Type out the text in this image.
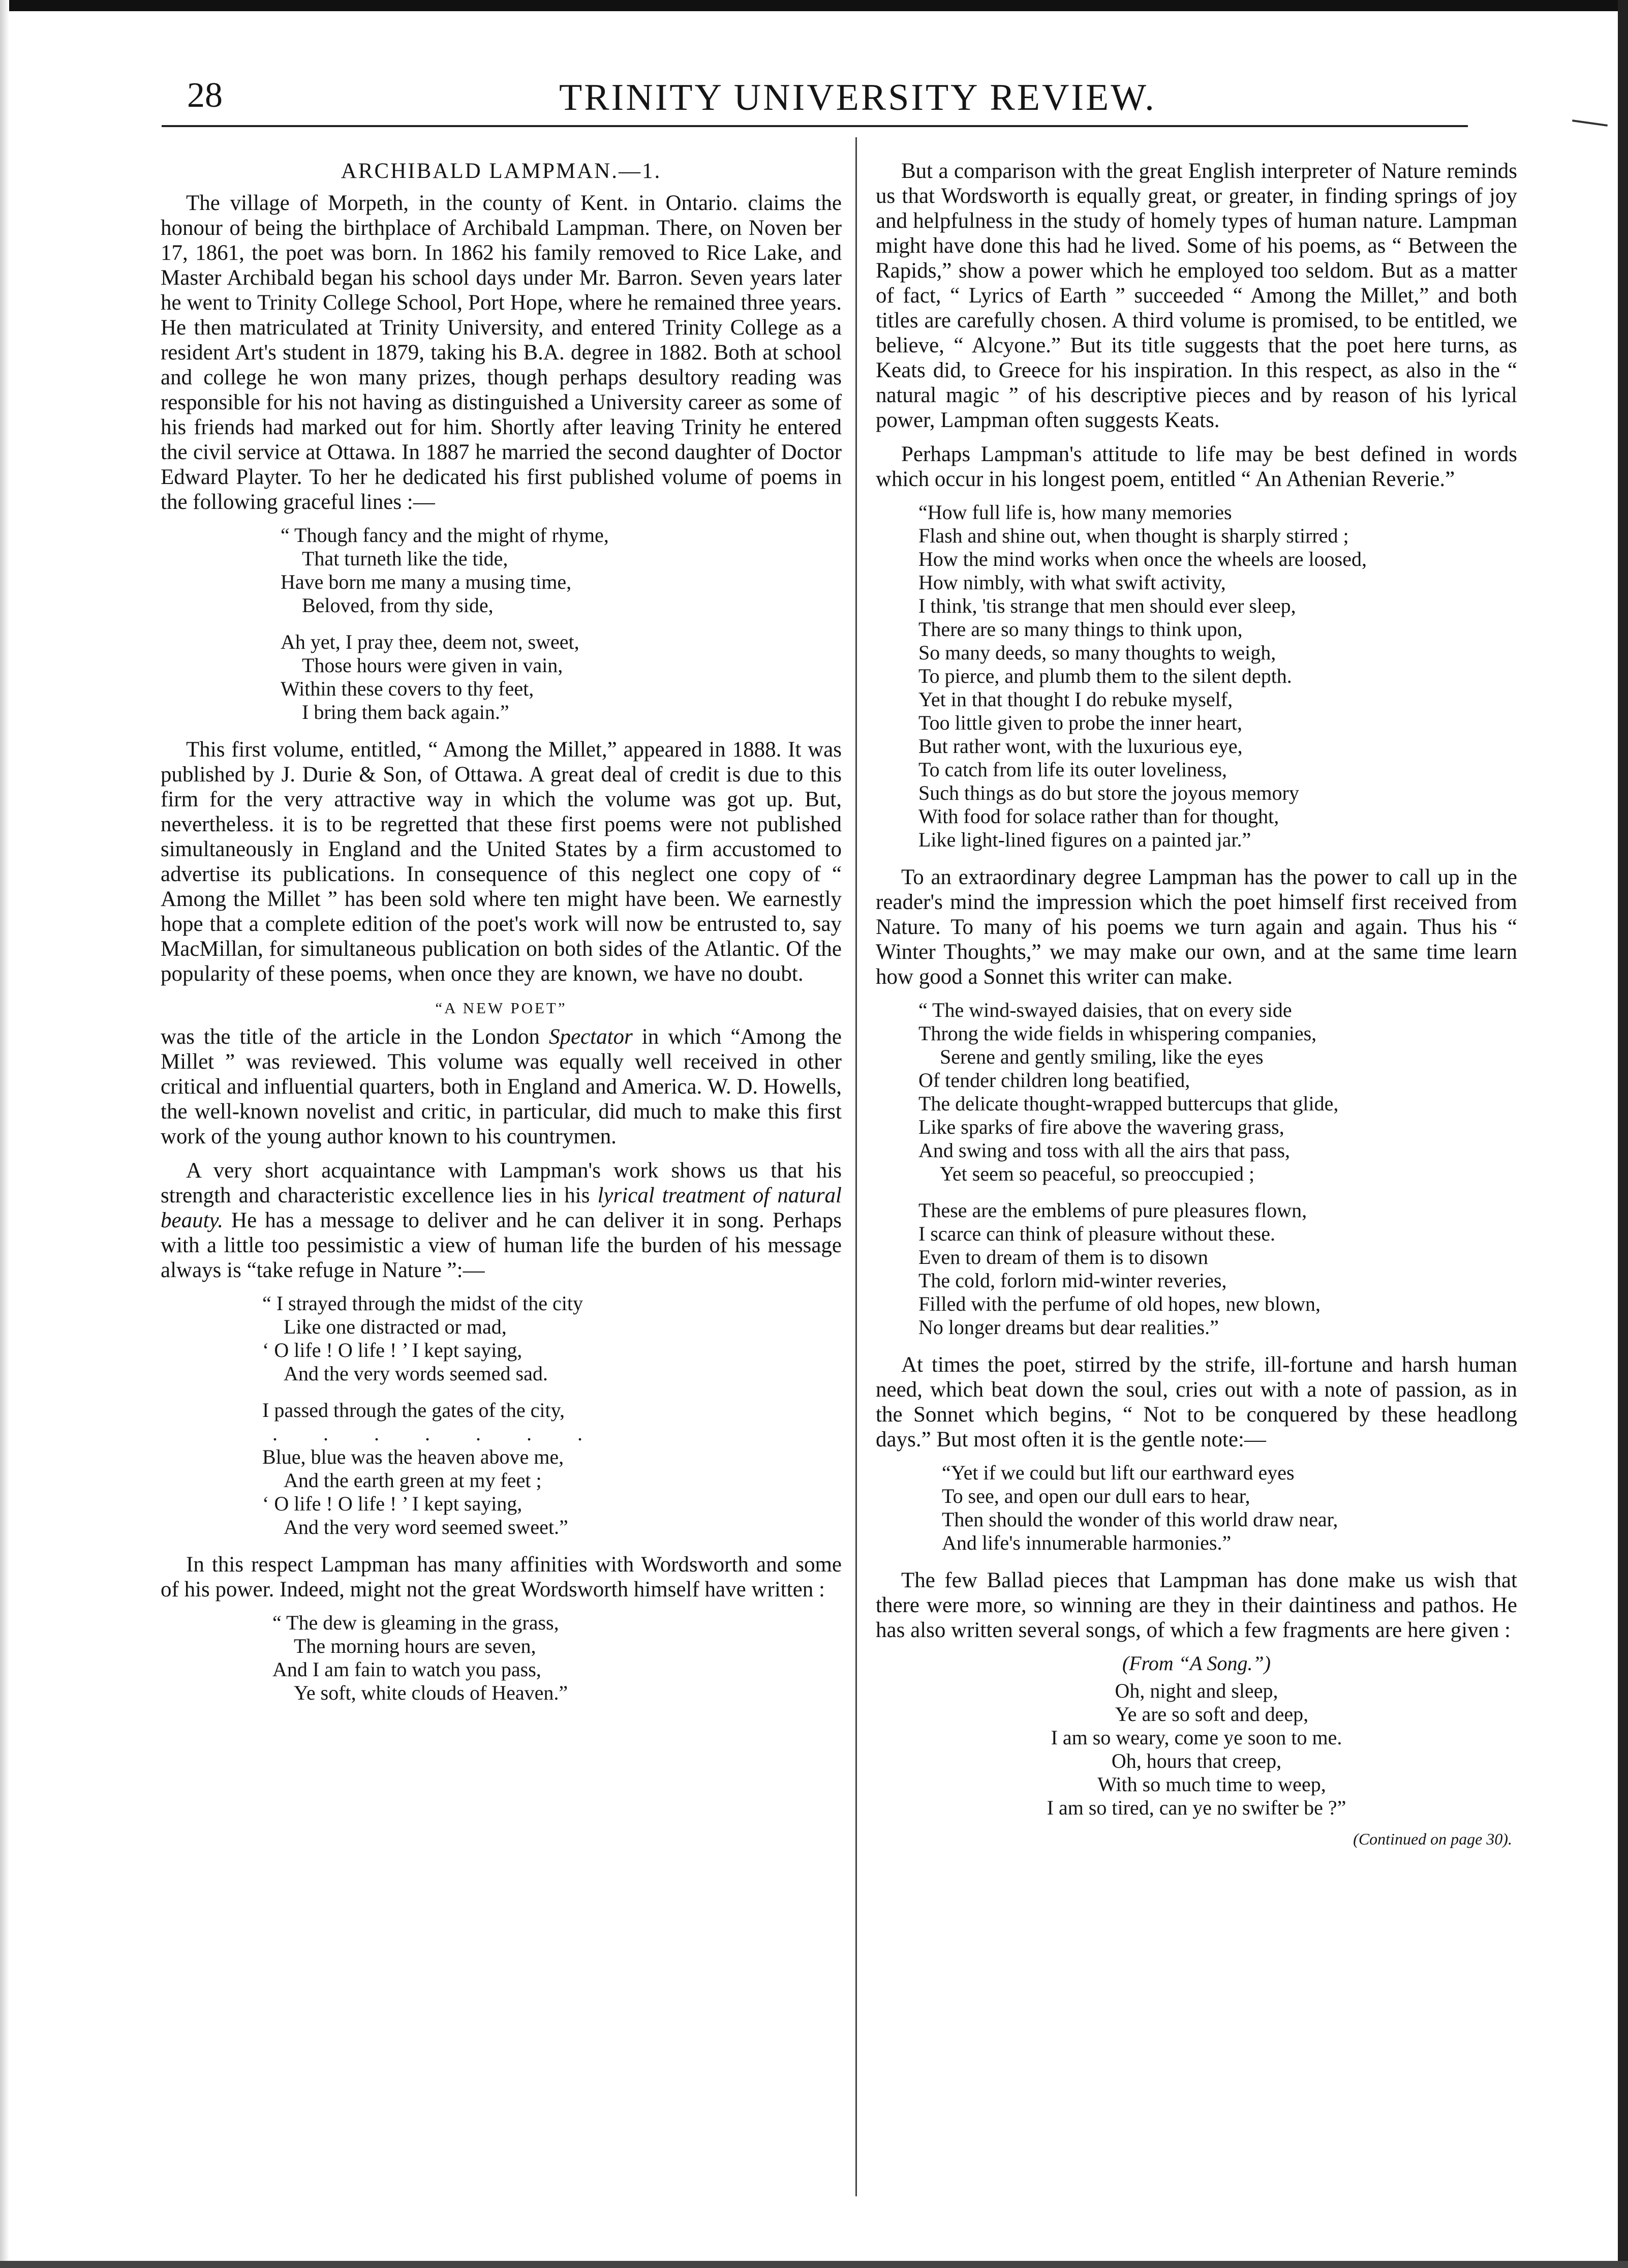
28	TRINITY UNIVERSITY REVIEW.
ARCHIBALD LAMPMAN.—1.

The village of Morpeth, in the county of Kent. in Ontario. claims the honour of being the birthplace of Archibald Lampman. There, on Noven ber 17, 1861, the poet was born. In 1862 his family removed to Rice Lake, and Master Archibald began his school days under Mr. Barron. Seven years later he went to Trinity College School, Port Hope, where he remained three years. He then matriculated at Trinity University, and entered Trinity College as a resident Art's student in 1879, taking his B.A. degree in 1882. Both at school and college he won many prizes, though perhaps desultory reading was responsible for his not having as distinguished a University career as some of his friends had marked out for him. Shortly after leaving Trinity he entered the civil service at Ottawa. In 1887 he married the second daughter of Doctor Edward Playter. To her he dedicated his first published volume of poems in the following graceful lines :—

“ Though fancy and the might of rhyme,
That turneth like the tide,
Have born me many a musing time,
Beloved, from thy side,
Ah yet, I pray thee, deem not, sweet,
Those hours were given in vain,
Within these covers to thy feet,
I bring them back again.”

This first volume, entitled, “ Among the Millet,” appeared in 1888. It was published by J. Durie & Son, of Ottawa. A great deal of credit is due to this firm for the very attractive way in which the volume was got up. But, nevertheless. it is to be regretted that these first poems were not published simultaneously in England and the United States by a firm accustomed to advertise its publications. In consequence of this neglect one copy of “ Among the Millet ” has been sold where ten might have been. We earnestly hope that a complete edition of the poet's work will now be entrusted to, say MacMillan, for simultaneous publication on both sides of the Atlantic. Of the popularity of these poems, when once they are known, we have no doubt.

“A NEW POET”

was the title of the article in the London Spectator in which “Among the Millet ” was reviewed. This volume was equally well received in other critical and influential quarters, both in England and America. W. D. Howells, the well-known novelist and critic, in particular, did much to make this first work of the young author known to his countrymen.

A very short acquaintance with Lampman's work shows us that his strength and characteristic excellence lies in his lyrical treatment of natural beauty. He has a message to deliver and he can deliver it in song. Perhaps with a little too pessimistic a view of human life the burden of his message always is “take refuge in Nature ”:—

“ I strayed through the midst of the city
Like one distracted or mad,
‘ O life ! O life ! ’ I kept saying,
And the very words seemed sad.
I passed through the gates of the city,
. . . . . . .
Blue, blue was the heaven above me,
And the earth green at my feet ;
‘ O life ! O life ! ’ I kept saying,
And the very word seemed sweet.”

In this respect Lampman has many affinities with Wordsworth and some of his power. Indeed, might not the great Wordsworth himself have written :

“ The dew is gleaming in the grass,
The morning hours are seven,
And I am fain to watch you pass,
Ye soft, white clouds of Heaven.”

But a comparison with the great English interpreter of Nature reminds us that Wordsworth is equally great, or greater, in finding springs of joy and helpfulness in the study of homely types of human nature. Lampman might have done this had he lived. Some of his poems, as “ Between the Rapids,” show a power which he employed too seldom. But as a matter of fact, “ Lyrics of Earth ” succeeded “ Among the Millet,” and both titles are carefully chosen. A third volume is promised, to be entitled, we believe, “ Alcyone.” But its title suggests that the poet here turns, as Keats did, to Greece for his inspiration. In this respect, as also in the “ natural magic ” of his descriptive pieces and by reason of his lyrical power, Lampman often suggests Keats.

Perhaps Lampman's attitude to life may be best defined in words which occur in his longest poem, entitled “ An Athenian Reverie.”

“How full life is, how many memories
Flash and shine out, when thought is sharply stirred ;
How the mind works when once the wheels are loosed,
How nimbly, with what swift activity,
I think, 'tis strange that men should ever sleep,
There are so many things to think upon,
So many deeds, so many thoughts to weigh,
To pierce, and plumb them to the silent depth.
Yet in that thought I do rebuke myself,
Too little given to probe the inner heart,
But rather wont, with the luxurious eye,
To catch from life its outer loveliness,
Such things as do but store the joyous memory
With food for solace rather than for thought,
Like light-lined figures on a painted jar.”

To an extraordinary degree Lampman has the power to call up in the reader's mind the impression which the poet himself first received from Nature. To many of his poems we turn again and again. Thus his “ Winter Thoughts,” we may make our own, and at the same time learn how good a Sonnet this writer can make.

“ The wind-swayed daisies, that on every side
Throng the wide fields in whispering companies,
Serene and gently smiling, like the eyes
Of tender children long beatified,
The delicate thought-wrapped buttercups that glide,
Like sparks of fire above the wavering grass,
And swing and toss with all the airs that pass,
Yet seem so peaceful, so preoccupied ;
These are the emblems of pure pleasures flown,
I scarce can think of pleasure without these.
Even to dream of them is to disown
The cold, forlorn mid-winter reveries,
Filled with the perfume of old hopes, new blown,
No longer dreams but dear realities.”

At times the poet, stirred by the strife, ill-fortune and harsh human need, which beat down the soul, cries out with a note of passion, as in the Sonnet which begins, “ Not to be conquered by these headlong days.” But most often it is the gentle note:—

“Yet if we could but lift our earthward eyes
To see, and open our dull ears to hear,
Then should the wonder of this world draw near,
And life's innumerable harmonies.”

The few Ballad pieces that Lampman has done make us wish that there were more, so winning are they in their daintiness and pathos. He has also written several songs, of which a few fragments are here given :

(From “A Song.”)
Oh, night and sleep,
Ye are so soft and deep,
I am so weary, come ye soon to me.
Oh, hours that creep,
With so much time to weep,
I am so tired, can ye no swifter be ?”
(Continued on page 30).
